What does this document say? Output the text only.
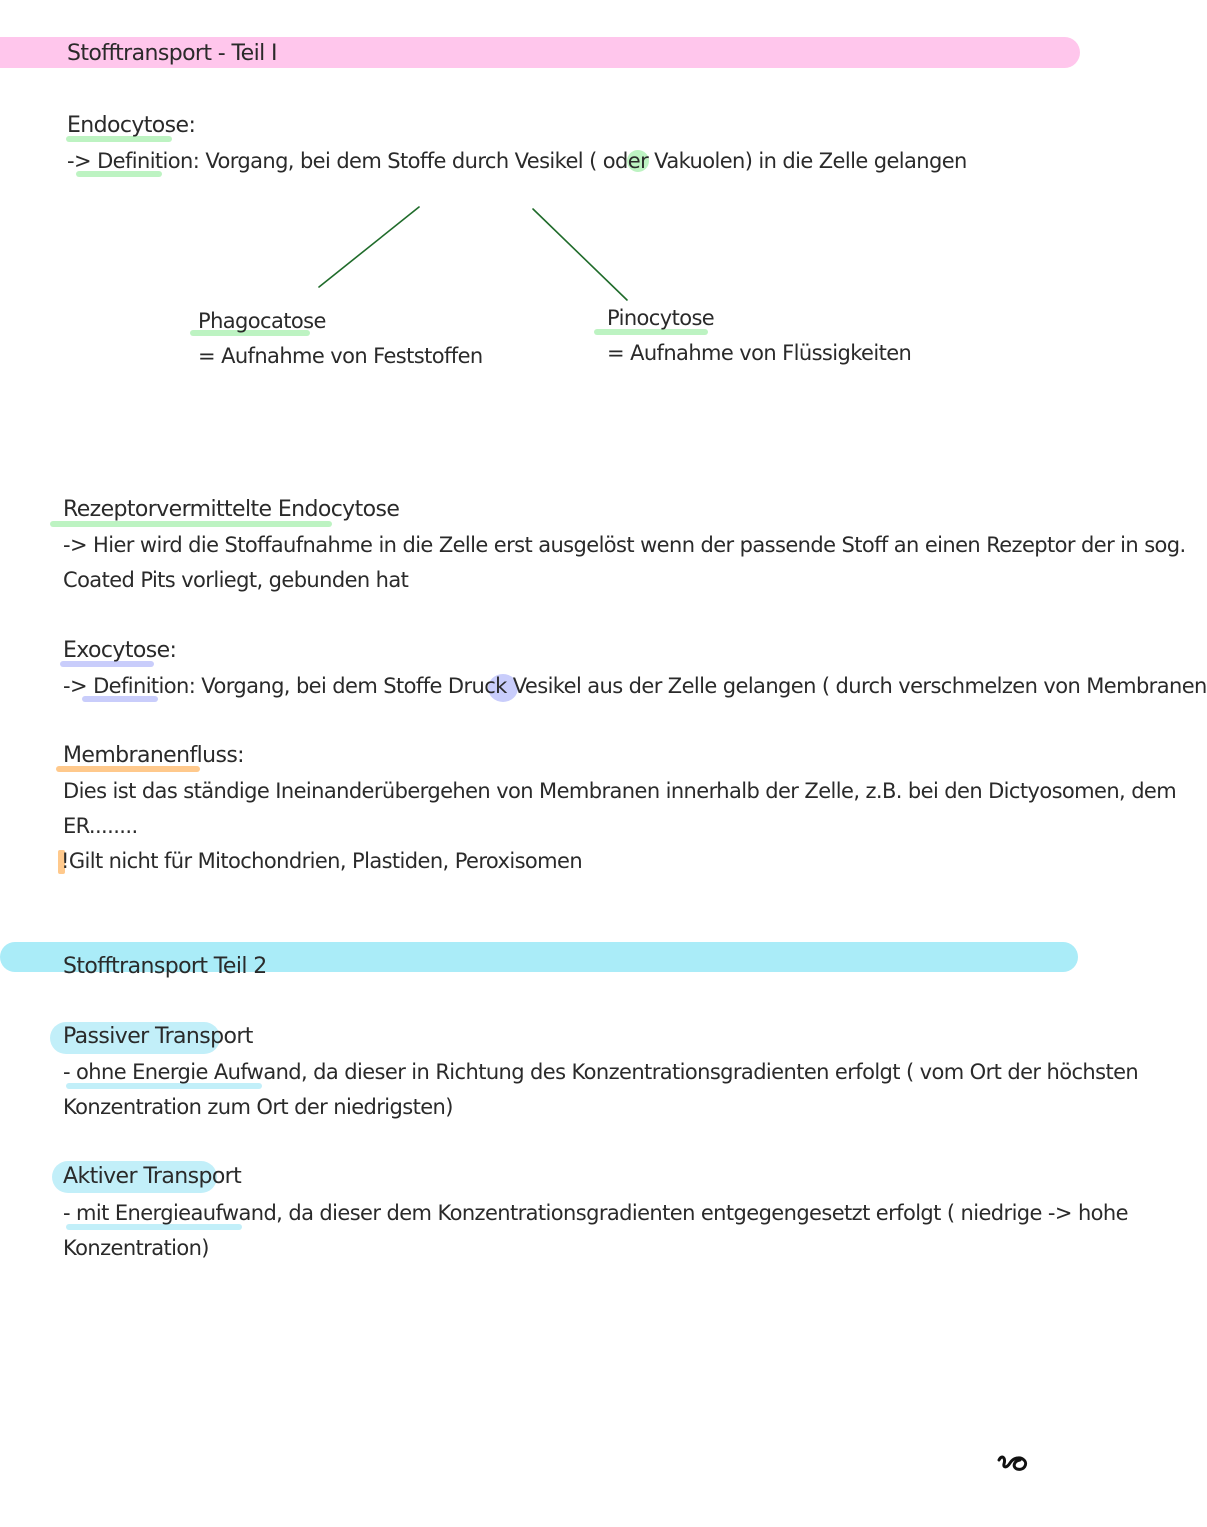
Stofftransport - Teil I
Endocytose:
-> Definition: Vorgang, bei dem Stoffe durch Vesikel ( oder Vakuolen) in die Zelle gelangen
Phagocatose
= Aufnahme von Feststoffen
Pinocytose
= Aufnahme von Flüssigkeiten
Rezeptorvermittelte Endocytose
-> Hier wird die Stoffaufnahme in die Zelle erst ausgelöst wenn der passende Stoff an einen Rezeptor der in sog.
Coated Pits vorliegt, gebunden hat
Exocytose:
-> Definition: Vorgang, bei dem Stoffe Druck Vesikel aus der Zelle gelangen ( durch verschmelzen von Membranen
Membranenfluss:
Dies ist das ständige Ineinanderübergehen von Membranen innerhalb der Zelle, z.B. bei den Dictyosomen, dem
ER........
!Gilt nicht für Mitochondrien, Plastiden, Peroxisomen
Stofftransport Teil 2
Passiver Transport
- ohne Energie Aufwand, da dieser in Richtung des Konzentrationsgradienten erfolgt ( vom Ort der höchsten
Konzentration zum Ort der niedrigsten)
Aktiver Transport
- mit Energieaufwand, da dieser dem Konzentrationsgradienten entgegengesetzt erfolgt ( niedrige -> hohe
Konzentration)
